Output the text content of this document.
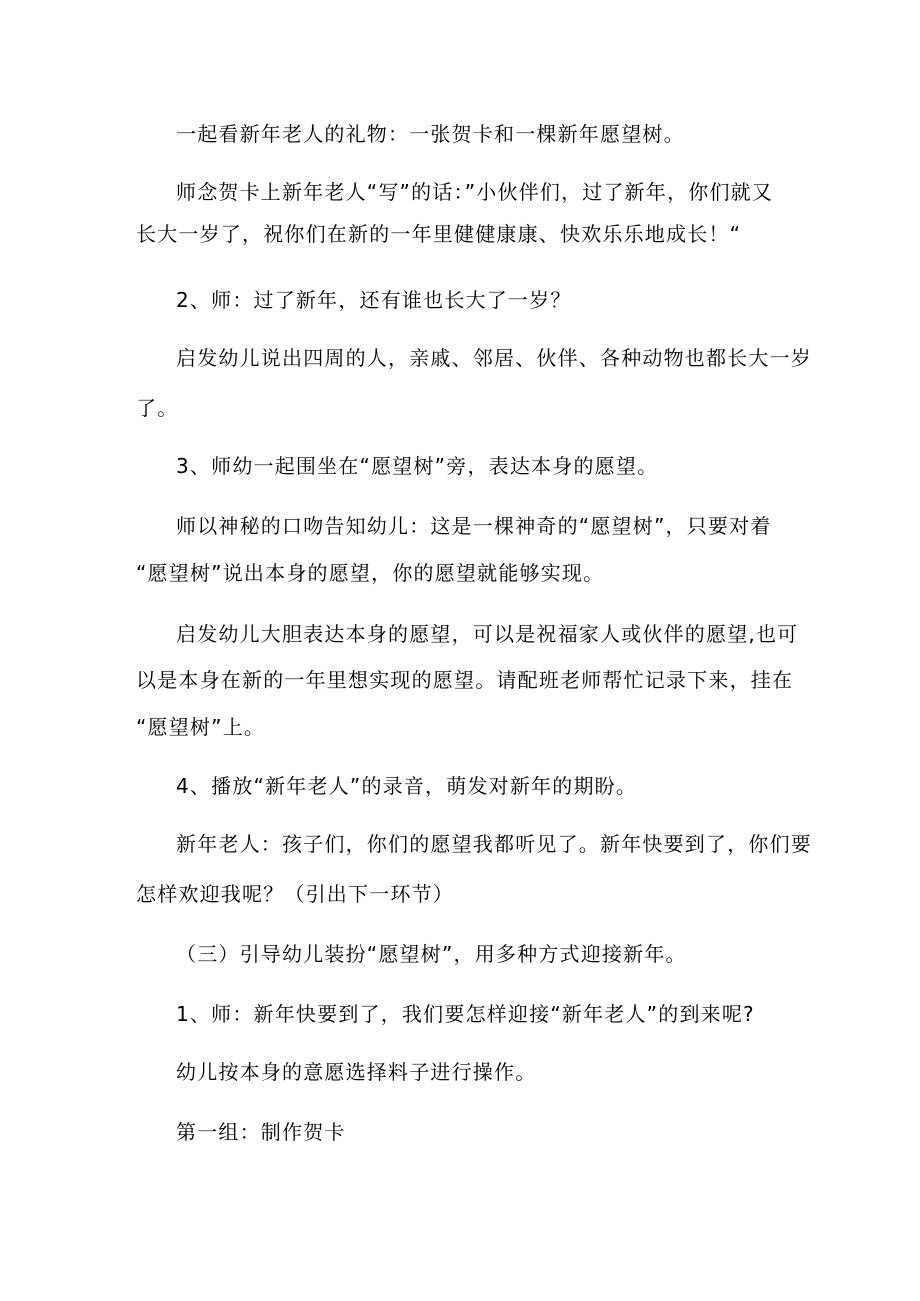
一起看新年老人的礼物：一张贺卡和一棵新年愿望树。
师念贺卡上新年老人“写”的话：”小伙伴们，过了新年，你们就又
长大一岁了，祝你们在新的一年里健健康康、快欢乐乐地成长！“
2、师：过了新年，还有谁也长大了一岁？
启发幼儿说出四周的人，亲戚、邻居、伙伴、各种动物也都长大一岁
了。
3、师幼一起围坐在“愿望树”旁，表达本身的愿望。
师以神秘的口吻告知幼儿：这是一棵神奇的“愿望树”，只要对着
“愿望树”说出本身的愿望，你的愿望就能够实现。
启发幼儿大胆表达本身的愿望，可以是祝福家人或伙伴的愿望,也可
以是本身在新的一年里想实现的愿望。请配班老师帮忙记录下来，挂在
“愿望树”上。
4、播放“新年老人”的录音，萌发对新年的期盼。
新年老人：孩子们，你们的愿望我都听见了。新年快要到了，你们要
怎样欢迎我呢？（引出下一环节）
（三）引导幼儿装扮“愿望树”，用多种方式迎接新年。
1、师：新年快要到了，我们要怎样迎接“新年老人”的到来呢?
幼儿按本身的意愿选择料子进行操作。
第一组：制作贺卡
